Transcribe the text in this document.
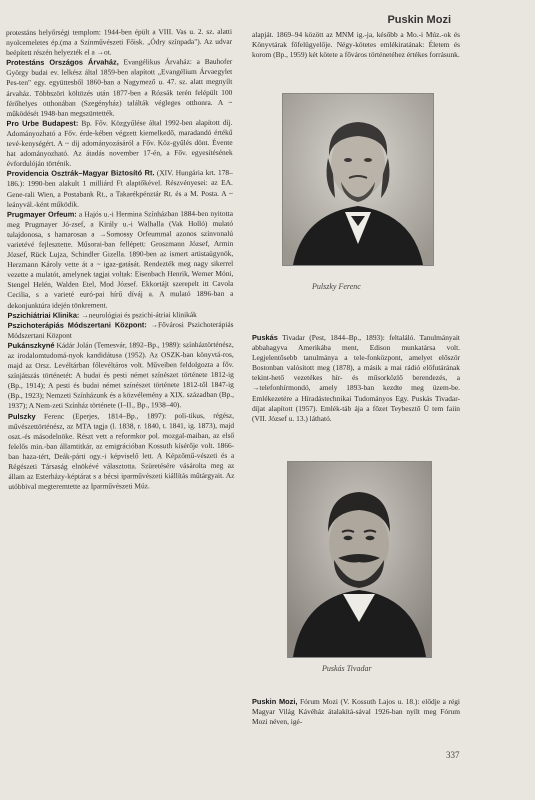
Puskin Mozi

protestáns helyőrségi templom: 1944-ben épült a VIII. Vas u. 2. sz. alatti nyolcemeletes ép.(ma a Színművészeti Főisk. „Ódry színpada"). Az udvar beépített részén helyezték el a →ot.

Protestáns Országos Árvaház, Evangélikus Árvaház: a Bauhofer György budai ev. lelkész által 1859-ben alapított „Evangélium Árvaegylet Pes-ten" egy. együttesből 1860-ban a Nagymező u. 47. sz. alatt megnyílt árvaház. Többszöri költözés után 1877-ben a Rózsák terén felépült 100 férőhelyes otthonában (Szegényház) találták végleges otthonra. A ~ működését 1948-ban megszüntették.

Pro Urbe Budapest: Bp. Főv. Közgyűlése által 1992-ben alapított díj. Adományozható a Főv. érde-kében végzett kiemelkedő, maradandó értékű tevé-kenységért. A ~ díj adományozásáról a Főv. Köz-gyűlés dönt. Évente hat adományozható. Az átadás november 17-én, a Főv. egyesítésének évfordulóján történik.

Providencia Osztrák–Magyar Biztosító Rt. (XIV. Hungária krt. 178–186.): 1990-ben alakult 1 milliárd Ft alaptőkével. Részvényesei: az EA. Gene-rali Wien, a Postabank Rt., a Takarékpénztár Rt. és a M. Posta. A ~ leányvál.-ként működik.

Prugmayer Orfeum: a Hajós u.-i Hermina Színházban 1884-ben nyitotta meg Prugmayer Jó-zsef, a Király u.-i Walhalla (Vak Holló) mulató tulajdonosa, s hamarosan a →Somossy Orfeummal azonos színvonalú varietévé fejlesztette. Műsorai-ban fellépett: Groszmann József, Armin József, Rück Lujza, Schindler Gizella. 1890-ben az ismert artistaügynök, Herzmann Károly vette át a ~ igaz-gatását. Rendezték meg nagy sikerrel vezette a mulatót, amelynek tagjai voltak: Eisenbach Henrik, Werner Móni, Stengel Helén, Walden Etel, Mod József. Ekkortájt szerepelt itt Cavola Cecilia, s a varieté euró-pai hírű díváj a. A mulató 1896-ban a dekonjunktúra idején tönkrement.

Pszichiátriai Klinika: →neurológiai és pszichi-átriai klinikák

Pszichoterápiás Módszertani Központ: →Fővárosi Pszichoterápiás Módszertani Központ

Pukánszkyné Kádár Jolán (Temesvár, 1892–Bp., 1989): színháztörténész, az irodalomtudomá-nyok kandidátusa (1952). Az OSZK-ban könyvtá-ros, majd az Orsz. Levéltárban főlevéltáros volt. Műveiben feldolgozta a főv. színjátszás történetét: A budai és pesti német színészet története 1812-ig (Bp., 1914); A pesti és budai német színészet története 1812-től 1847-ig (Bp., 1923); Nemzeti Színházunk és a közvélemény a XIX. században (Bp., 1937); A Nem-zeti Színház története (I–II., Bp., 1938–40).

Pulszky Ferenc (Eperjes, 1814–Bp., 1897): poli-tikus, régész, művészettörténész, az MTA tagja (l. 1838, r. 1840, t. 1841, ig. 1873), majd oszt.-és másodelnöke. Részt vett a reformkor pol. mozgal-maiban, az első felelős min.-ban államtitkár, az emigrációban Kossuth kísérője volt. 1866-ban haza-tért, Deák-párti ogy.-i képviselő lett. A Képzőmű-vészeti és a Régészeti Társaság elnökévé választotta. Szüretésére vásárolta meg az állam az Esterházy-képtárat s a bécsi iparművészeti kiállítás műtárgyait. Az utóbbival megteremtette az Iparművészeti Múz.

alapját. 1869–94 között az MNM ig.-ja, később a Mo.-i Múz.-ok és Könyvtárak főfelügyelője. Négy-kötetes emlékiratának: Életem és korom (Bp., 1959) két kötete a főváros történetéhez értékes forrásunk.

Pulszky Ferenc
Puskás Tivadar (Pest, 1844–Bp., 1893): feltaláló. Tanulmányait abbahagyva Amerikába ment, Edison munkatársa volt. Legjelentősebb tanulmánya a tele-fonközpont, amelyet először Bostonban valósított meg (1878), a másik a mai rádió előfutárának tekint-hető vezetékes hír- és műsorközlő berendezés, a →telefonhírmondó, amely 1893-ban kezdte meg üzem-be. Emlékezetére a Híradástechnikai Tudományos Egy. Puskás Tivadar-díjat alapított (1957). Emlék-táb ája a főzet Teybesztő Ü tem faiin (VII. József u. 13.) látható.
Puskás Tivadar
Puskin Mozi, Fórum Mozi (V. Kossuth Lajos u. 18.): elődje a régi Magyar Világ Kávéház átalakítá-sával 1926-ban nyílt meg Fórum Mozi néven, igé-
337
